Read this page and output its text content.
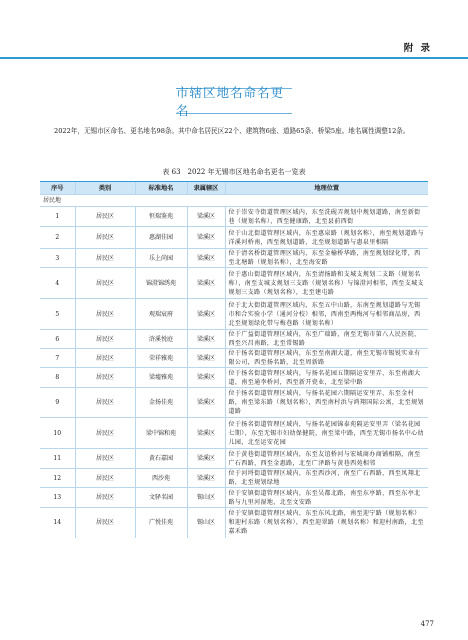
附 录
市辖区地名命名更名
2022年，无锡市区命名、更名地名98条。其中命名居民区22个、建筑物6座、道路65条、桥梁5座。地名属性调整12条。
表 63　2022 年无锡市区地名命名更名一览表
序号	类别	标准地名	隶属辖区	地理位置
居民地				
1	居民区	恒瑞鉴苑	梁溪区	位于崇安寺街道管理区域内，东至洗砚弄规划中规划道路，南至新街巷（规划名称），西至健康路，北至县前西街
2	居民区	惠湖佳园	梁溪区	位于山北街道管理区域内，东至惠泉路（规划名称），南至规划道路与洋溪河桥南，西至规划道路，北至规划道路与惠泉里相隔
3	居民区	乐上尚园	梁溪区	位于清名桥街道管理区域内，东至金榆桥华路，南至规划绿化带，西至北塘路（规划名称），北至海安路
4	居民区	锦澄锦绣苑	梁溪区	位于惠山街道管理区域内，东至清扬路和支城支规划二支路（规划名称），南至支城支规划三支路（规划名称）与锦澄河相邻，西至支城支规划三支路（规划名称），北至建屯路
5	居民区	观瑞宸府	梁溪区	位于北大街街道管理区域内，东至五中山路，东南至规划道路与无锡市和合实验小学（通河分校）相邻，西南至两梅河与相邻商品房，西北至规划绿化带与梅巷路（规划名称）
6	居民区	浒溪悦庭	梁溪区	位于广益街道管理区域内，东至广瑞路，南至无锡市第八人民医院，西至兴昌南路，北至常锡路
7	居民区	荣祥雅苑	梁溪区	位于扬名街道管理区域内，东至至南湖大道，南至无锡市锡锐实业有限公司，西至扬名路，北至周新路
8	居民区	梁墟雅苑	梁溪区	位于扬名街道管理区域内，与扬名花园五期隔运安里弄，东至南湖大道，南至通李桥河，西至新开瓷业，北至梁中路
9	居民区	金扬佳苑	梁溪区	位于扬名街道管理区域内，与扬名花园六期隔运安里弄，东至金村路，南至梁东路（规划名称），西至南村浜与鸿翔国际公寓，北至规划道路
10	居民区	梁中锦和苑	梁溪区	位于扬名街道管理区域内，与扬名花园锦泰苑隔运安里弄（梁名花园七期），东至无锡市妇幼保健院，南至梁中路，西至无锡市扬名中心幼儿园，北至运安花园
11	居民区	黄石嘉园	梁溪区	位于黄巷街道管理区域内，东至友谊桥河与宏城商办商铺相隔，南至广石西路，西至金惠路，北至广泽路与黄巷西苑相邻
12	居民区	西沙苑	梁溪区	位于河埒街道管理区域内，东至西沙河，南至广石西路，西至凤翔北路，北至规划绿地
13	居民区	文驿名园	锡山区	位于安镇街道管理区域内，东至吴都北路，南至东亭路，西至东亭北路与九里河湿地，北至文安路
14	居民区	广悦佳苑	锡山区	位于安镇街道管理区域内，东至东风北路，南至迎宁路（规划名称）和迎村东路（规划名称），西至迎翠路（规划名称）和迎村南路，北至嘉禾路
477
